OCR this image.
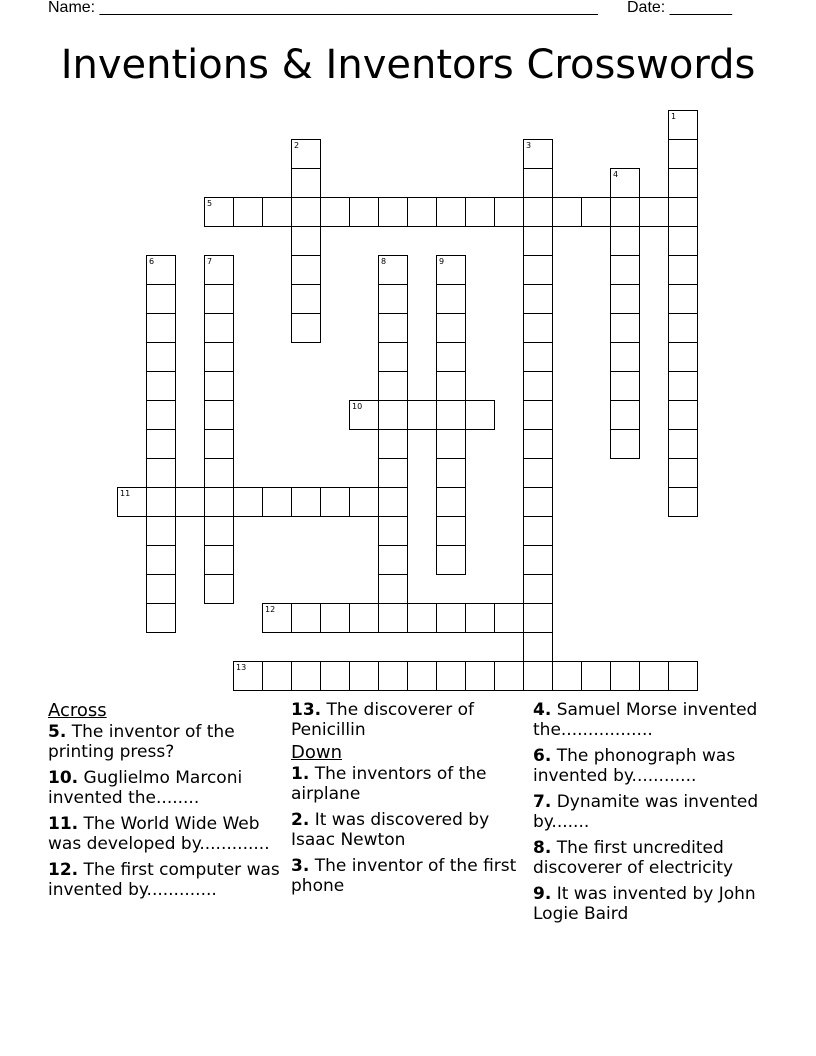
Name: ________________________________________________________ Date: _______
Inventions & Inventors Crosswords
1
2	3
4
5
6	7	8	9
10
11
12
13
Across
5. The inventor of the printing press?
10. Guglielmo Marconi invented the........
11. The World Wide Web was developed by.............
12. The first computer was invented by.............
13. The discoverer of Penicillin
Down
1. The inventors of the airplane
2. It was discovered by Isaac Newton
3. The inventor of the first phone
4. Samuel Morse invented the.................
6. The phonograph was invented by............
7. Dynamite was invented by.......
8. The first uncredited discoverer of electricity
9. It was invented by John Logie Baird
